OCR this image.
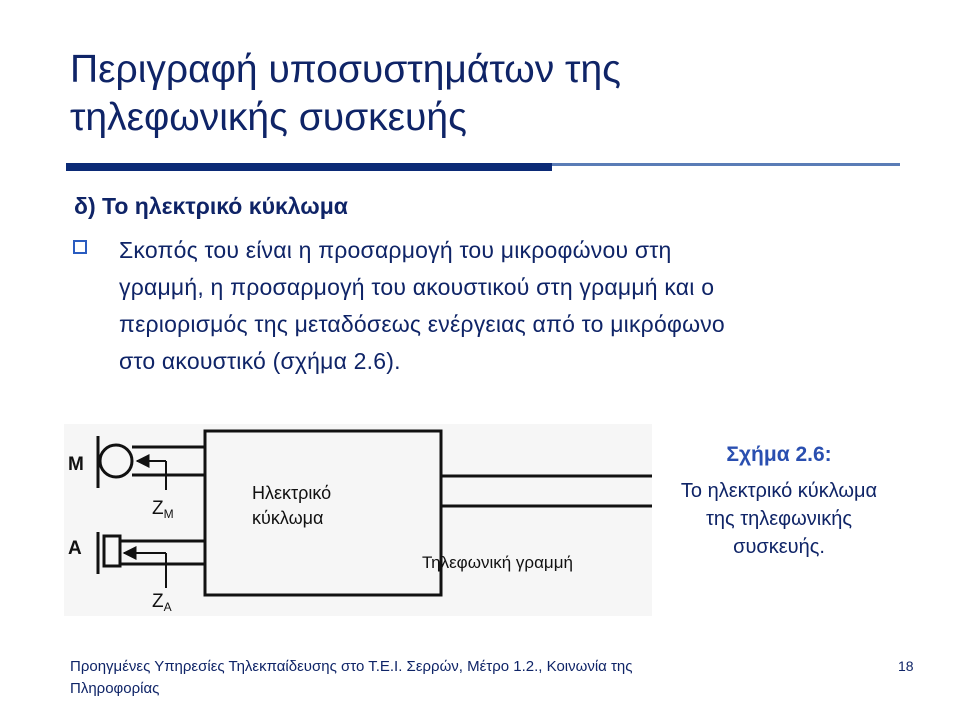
Περιγραφή υποσυστημάτων της
τηλεφωνικής συσκευής
δ) Το ηλεκτρικό κύκλωμα
Σκοπός του είναι η προσαρμογή του μικροφώνου στη
γραμμή, η προσαρμογή του ακουστικού στη γραμμή και ο
περιορισμός της μεταδόσεως ενέργειας από το μικρόφωνο
στο ακουστικό (σχήμα 2.6).
M
A
$Z_M$
$Z_A$
Ηλεκτρικό
κύκλωμα
Τηλεφωνική γραμμή
Σχήμα 2.6:
Το ηλεκτρικό κύκλωμα
της τηλεφωνικής
συσκευής.
Προηγμένες Υπηρεσίες Τηλεκπαίδευσης στο Τ.Ε.Ι. Σερρών, Μέτρο 1.2., Κοινωνία της
Πληροφορίας
18
